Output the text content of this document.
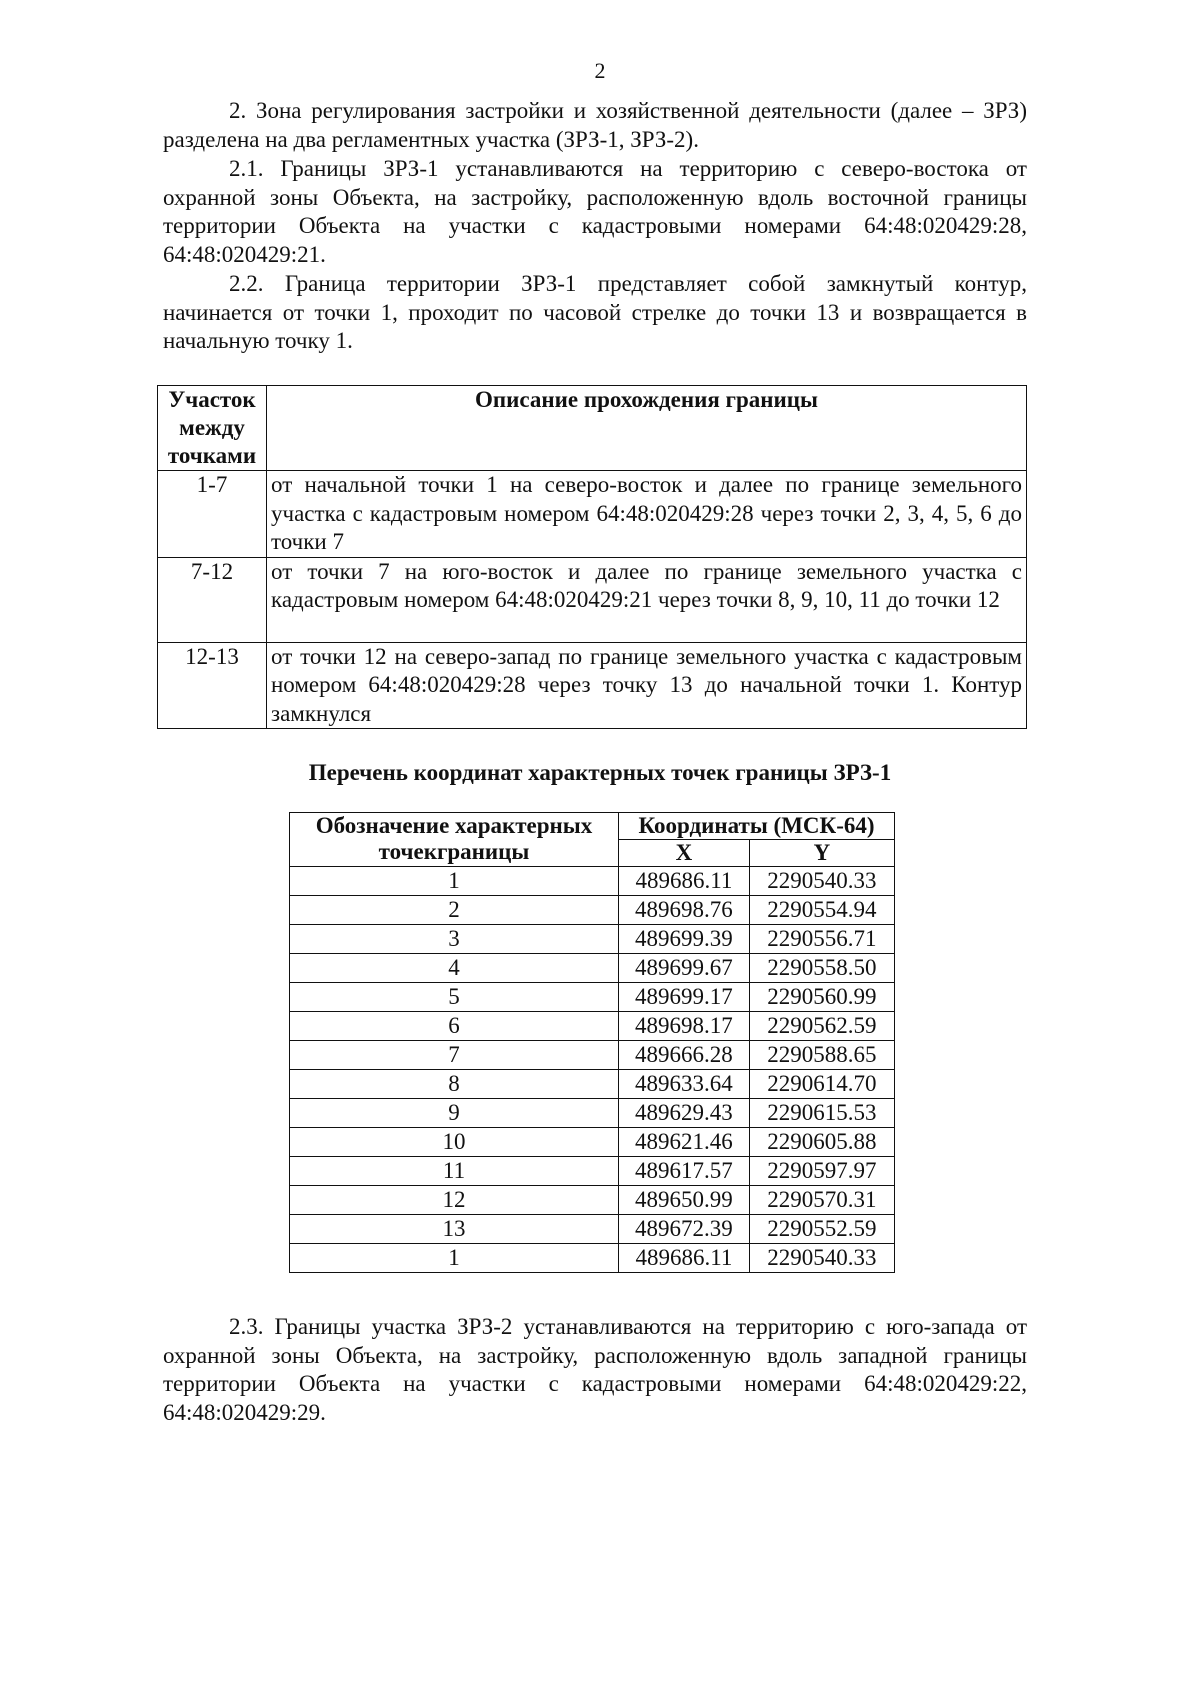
2
2. Зона регулирования застройки и хозяйственной деятельности (далее – ЗРЗ) разделена на два регламентных участка (ЗРЗ-1, ЗРЗ-2).
2.1. Границы ЗРЗ-1 устанавливаются на территорию с северо-востока от охранной зоны Объекта, на застройку, расположенную вдоль восточной границы территории Объекта на участки с кадастровыми номерами 64:48:020429:28, 64:48:020429:21.
2.2. Граница территории ЗРЗ-1 представляет собой замкнутый контур, начинается от точки 1, проходит по часовой стрелке до точки 13 и возвращается в начальную точку 1.
Участок между точками	Описание прохождения границы
1-7	от начальной точки 1 на северо-восток и далее по границе земельного участка с кадастровым номером 64:48:020429:28 через точки 2, 3, 4, 5, 6 до точки 7
7-12	от точки 7 на юго-восток и далее по границе земельного участка с кадастровым номером 64:48:020429:21 через точки 8, 9, 10, 11 до точки 12
12-13	от точки 12 на северо-запад по границе земельного участка с кадастровым номером 64:48:020429:28 через точку 13 до начальной точки 1. Контур замкнулся
Перечень координат характерных точек границы ЗРЗ-1
Обозначение характерных точекграницы	Координаты (МСК-64)	
	X	Y
1	489686.11	2290540.33
2	489698.76	2290554.94
3	489699.39	2290556.71
4	489699.67	2290558.50
5	489699.17	2290560.99
6	489698.17	2290562.59
7	489666.28	2290588.65
8	489633.64	2290614.70
9	489629.43	2290615.53
10	489621.46	2290605.88
11	489617.57	2290597.97
12	489650.99	2290570.31
13	489672.39	2290552.59
1	489686.11	2290540.33
2.3. Границы участка ЗРЗ-2 устанавливаются на территорию с юго-запада от охранной зоны Объекта, на застройку, расположенную вдоль западной границы территории Объекта на участки с кадастровыми номерами 64:48:020429:22, 64:48:020429:29.
